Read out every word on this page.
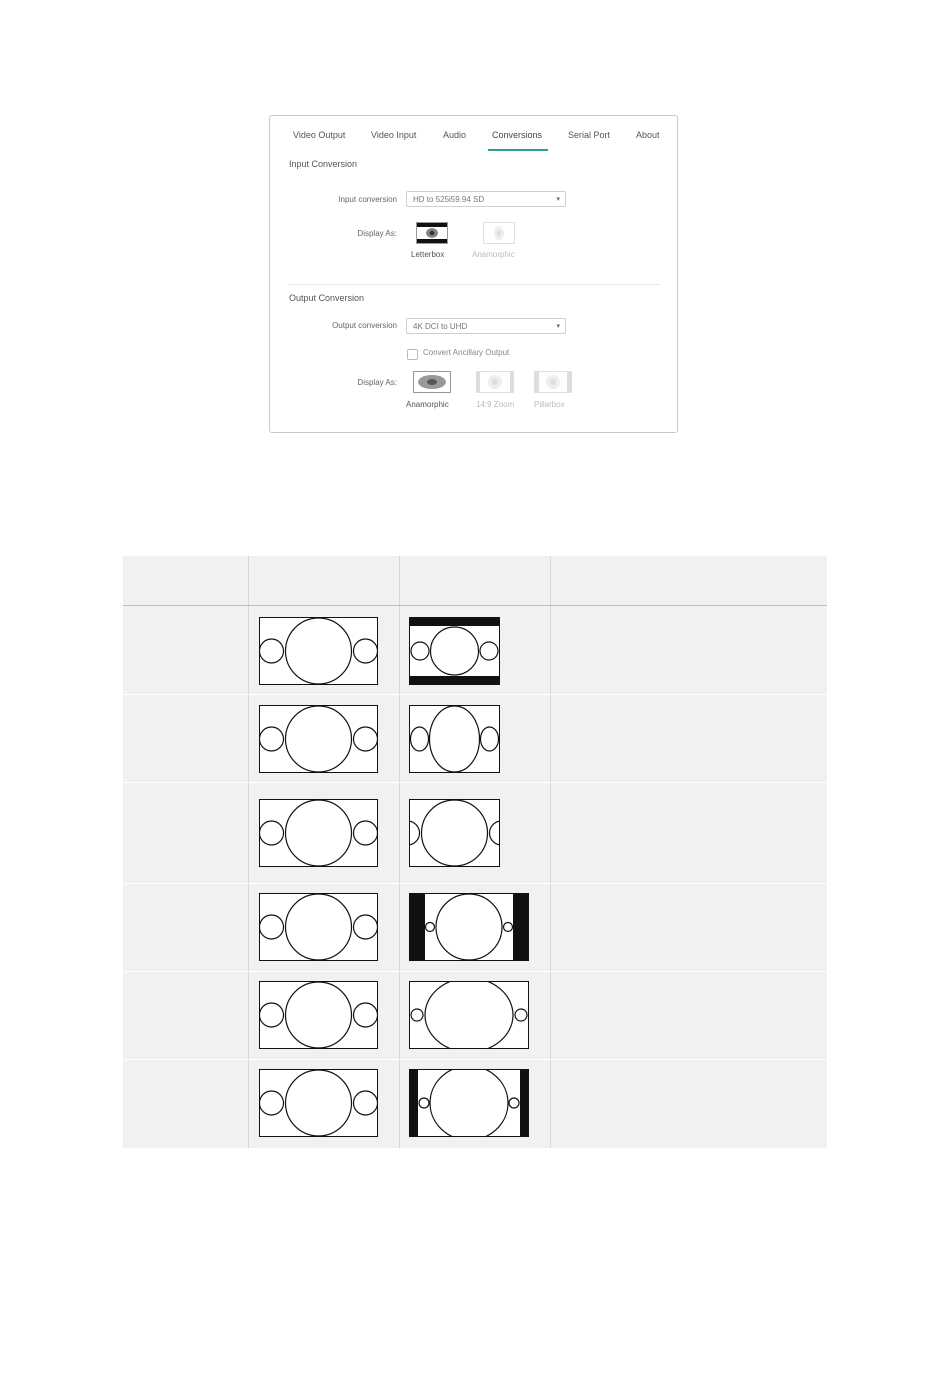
Video Output	Video Input	Audio	Conversions	Serial Port	About
Input Conversion
Input conversion	HD to 525i59.94 SD	▾
Display As:
Letterbox	Anamorphic
Output Conversion
Output conversion	4K DCI to UHD	▾
Convert Ancillary Output
Display As:
Anamorphic	14:9 Zoom Pillarbox
